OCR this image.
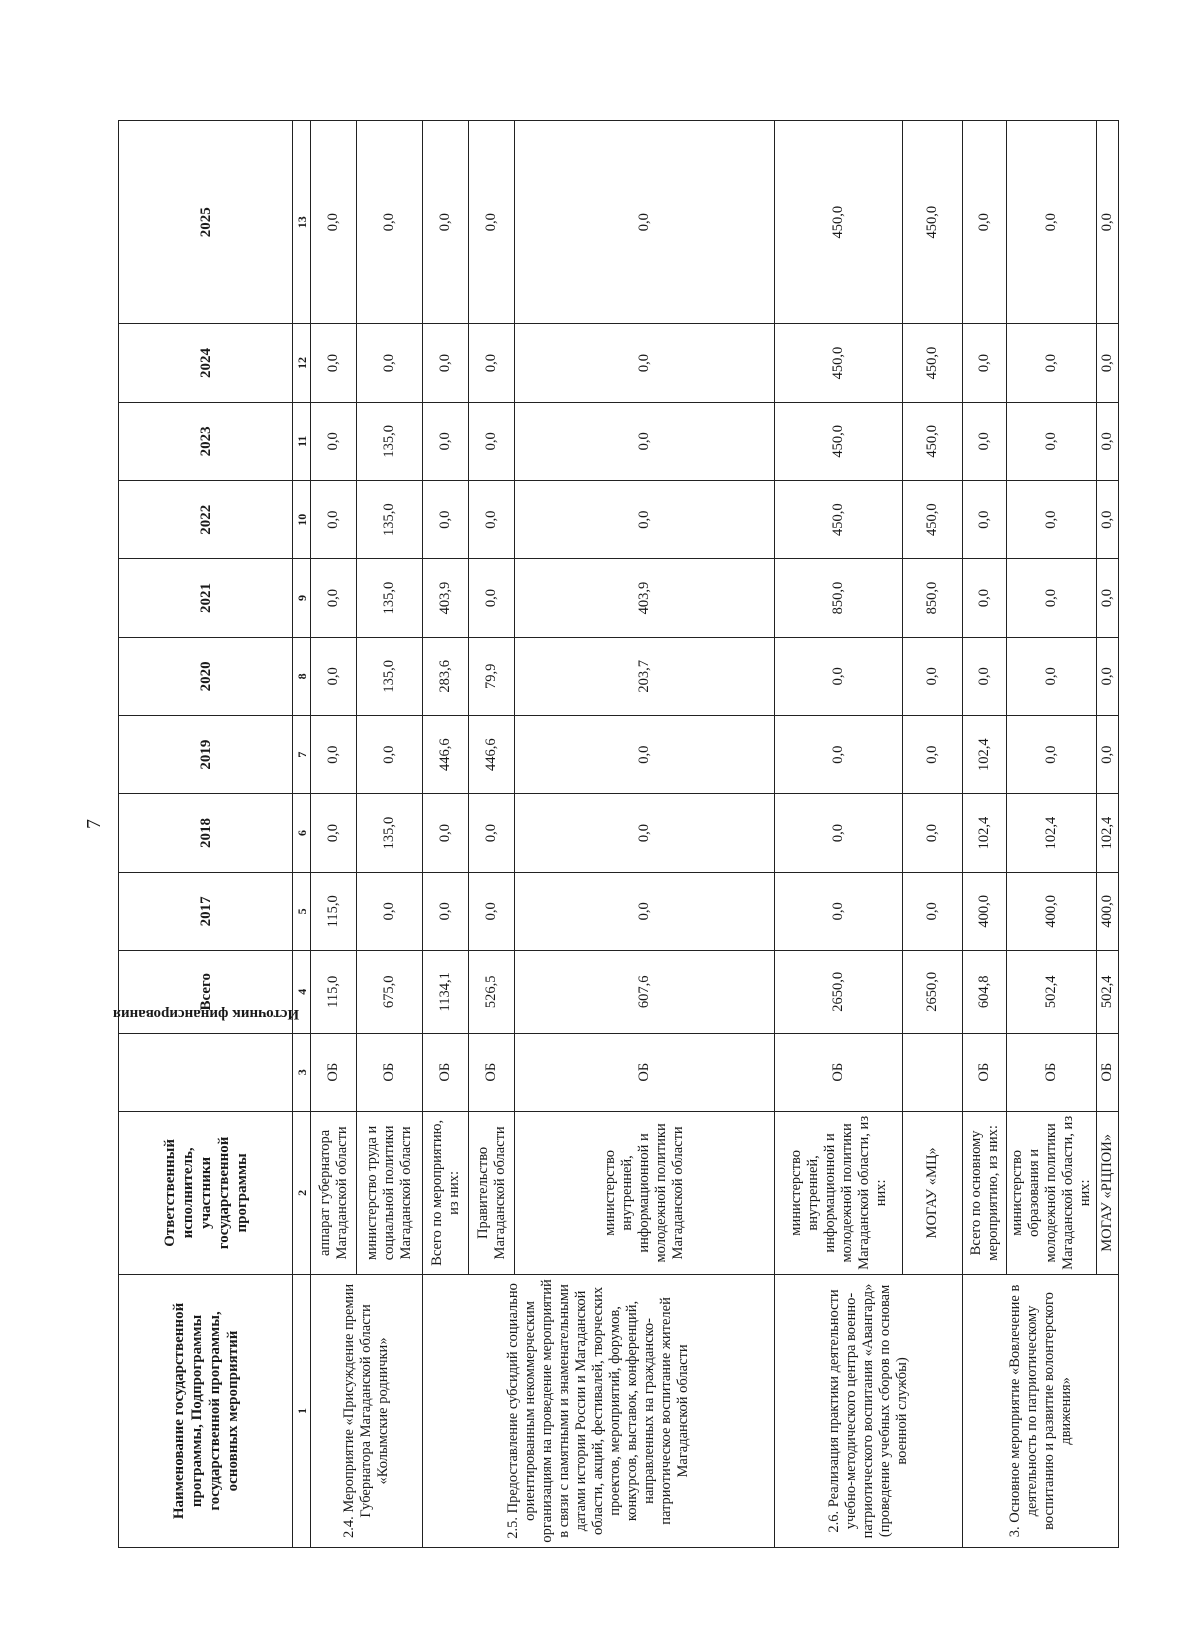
7
Наименование государственной программы, Подпрограммы государственной программы, основных мероприятий	Ответственный исполнитель, участники государственной программы	Источник финансирования	Всего	2017	2018	2019	2020	2021	2022	2023	2024	2025
1	2	3	4	5	6	7	8	9	10	11	12	13
2.4. Мероприятие «Присуждение премии Губернатора Магаданской области «Колымские роднички»	аппарат губернатора Магаданской области	ОБ	115,0	115,0	0,0	0,0	0,0	0,0	0,0	0,0	0,0	0,0
	министерство труда и социальной политики Магаданской области	ОБ	675,0	0,0	135,0	0,0	135,0	135,0	135,0	135,0	0,0	0,0
2.5. Предоставление субсидий социально ориентированным некоммерческим организациям на проведение мероприятий в связи с памятными и знаменательными датами истории России и Магаданской области, акций, фестивалей, творческих проектов, мероприятий, форумов, конкурсов, выставок, конференций, направленных на гражданско-патриотическое воспитание жителей Магаданской области	Всего по мероприятию, из них:	ОБ	1134,1	0,0	0,0	446,6	283,6	403,9	0,0	0,0	0,0	0,0
	Правительство Магаданской области	ОБ	526,5	0,0	0,0	446,6	79,9	0,0	0,0	0,0	0,0	0,0
	министерство внутренней, информационной и молодежной политики Магаданской области	ОБ	607,6	0,0	0,0	0,0	203,7	403,9	0,0	0,0	0,0	0,0
2.6. Реализация практики деятельности учебно-методического центра военно-патриотического воспитания «Авангард» (проведение учебных сборов по основам военной службы)	министерство внутренней, информационной и молодежной политики Магаданской области, из них:	ОБ	2650,0	0,0	0,0	0,0	0,0	850,0	450,0	450,0	450,0	450,0
	МОГАУ «МЦ»		2650,0	0,0	0,0	0,0	0,0	850,0	450,0	450,0	450,0	450,0
3. Основное мероприятие «Вовлечение в деятельность по патриотическому воспитанию и развитие волонтерского движения»	Всего по основному мероприятию, из них:	ОБ	604,8	400,0	102,4	102,4	0,0	0,0	0,0	0,0	0,0	0,0
	министерство образования и молодежной политики Магаданской области, из них:	ОБ	502,4	400,0	102,4	0,0	0,0	0,0	0,0	0,0	0,0	0,0
	МОГАУ «РЦПОИ»	ОБ	502,4	400,0	102,4	0,0	0,0	0,0	0,0	0,0	0,0	0,0
